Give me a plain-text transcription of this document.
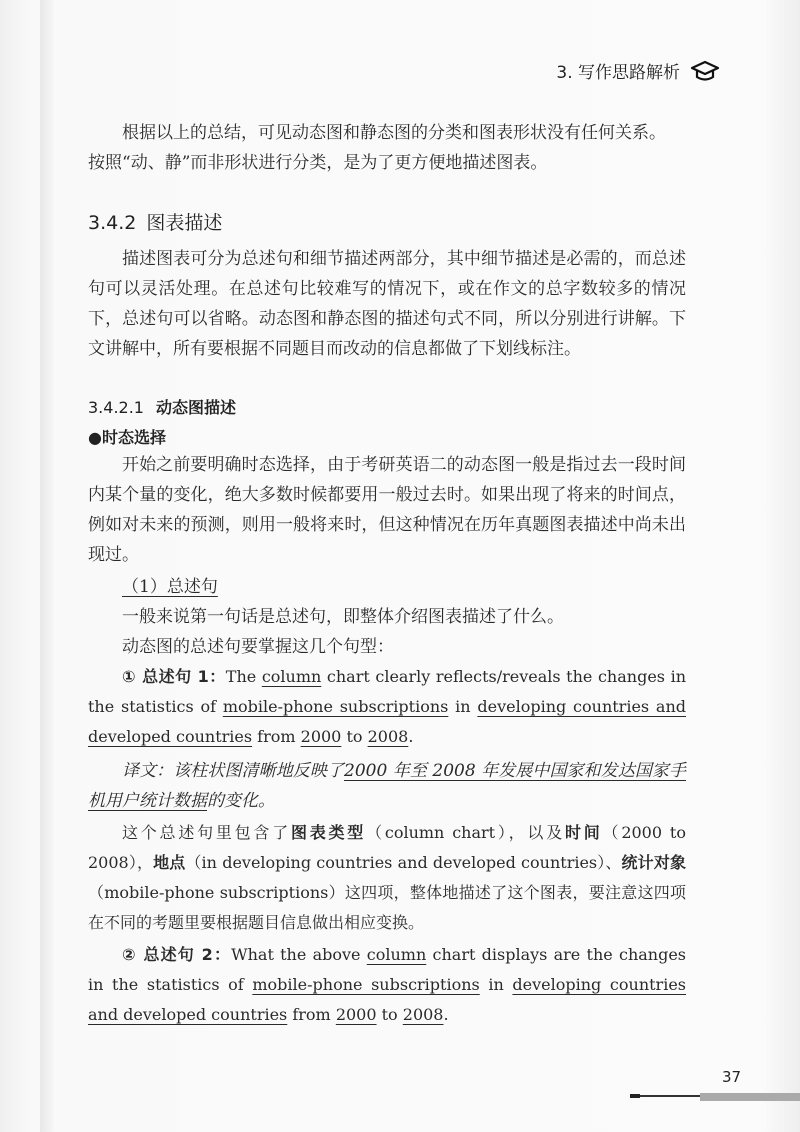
3. 写作思路解析

根据以上的总结，可见动态图和静态图的分类和图表形状没有任何关系。

按照“动、静”而非形状进行分类，是为了更方便地描述图表。

3.4.2 图表描述

描述图表可分为总述句和细节描述两部分，其中细节描述是必需的，而总述句可以灵活处理。在总述句比较难写的情况下，或在作文的总字数较多的情况下，总述句可以省略。动态图和静态图的描述句式不同，所以分别进行讲解。下文讲解中，所有要根据不同题目而改动的信息都做了下划线标注。

3.4.2.1 动态图描述
●时态选择

开始之前要明确时态选择，由于考研英语二的动态图一般是指过去一段时间内某个量的变化，绝大多数时候都要用一般过去时。如果出现了将来的时间点，例如对未来的预测，则用一般将来时，但这种情况在历年真题图表描述中尚未出现过。

（1）总述句

一般来说第一句话是总述句，即整体介绍图表描述了什么。

动态图的总述句要掌握这几个句型：

① 总述句 1：The column chart clearly reflects/reveals the changes in the statistics of mobile-phone subscriptions in developing countries and developed countries from 2000 to 2008.

译文：该柱状图清晰地反映了2000 年至 2008 年发展中国家和发达国家手机用户统计数据的变化。

这个总述句里包含了图表类型（column chart），以及时间（2000 to 2008），地点（in developing countries and developed countries）、统计对象（mobile-phone subscriptions）这四项，整体地描述了这个图表，要注意这四项在不同的考题里要根据题目信息做出相应变换。

② 总述句 2：What the above column chart displays are the changes in the statistics of mobile-phone subscriptions in developing countries and developed countries from 2000 to 2008.

37
